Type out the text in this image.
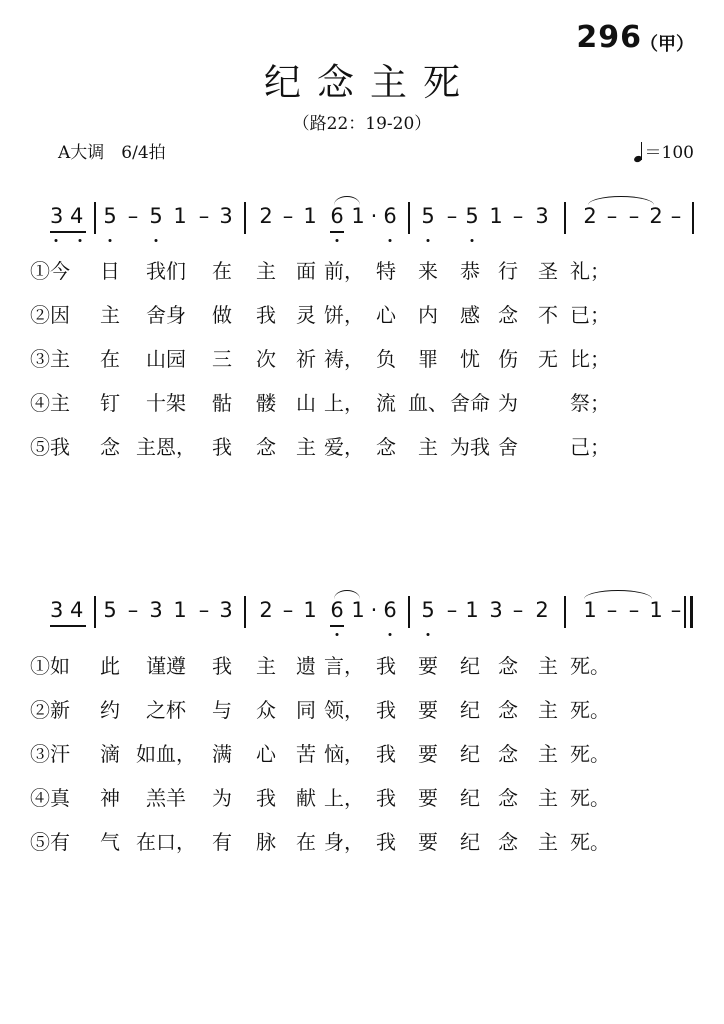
296
（甲）
纪念主死
（路22：19-20）
A大调　6/4拍	＝100
3 4 5 – 5 1 – 3 2 – 1 6 1 · 6 5 – 5 1 – 3 2 – – 2 –
①今 日 我们 在 主 面 前， 特 来 恭 行 圣 礼；
②因 主 舍身 做 我 灵 饼， 心 内 感 念 不 已；
③主 在 山园 三 次 祈 祷， 负 罪 忧 伤 无 比；
④主 钉 十架 骷 髅 山 上， 流 血、 舍命 为	祭；
⑤我 念 主恩， 我 念 主 爱， 念 主 为我 舍	己；
3 4 5 – 3 1 – 3 2 – 1 6 1 · 6 5 – 1 3 – 2 1 – – 1 –
①如 此 谨遵 我 主 遗 言， 我 要 纪 念 主 死。
②新 约 之杯 与 众 同 领， 我 要 纪 念 主 死。
③汗 滴 如血， 满 心 苦 恼， 我 要 纪 念 主 死。
④真 神 羔羊 为 我 献 上， 我 要 纪 念 主 死。
⑤有 气 在口， 有 脉 在 身， 我 要 纪 念 主 死。
